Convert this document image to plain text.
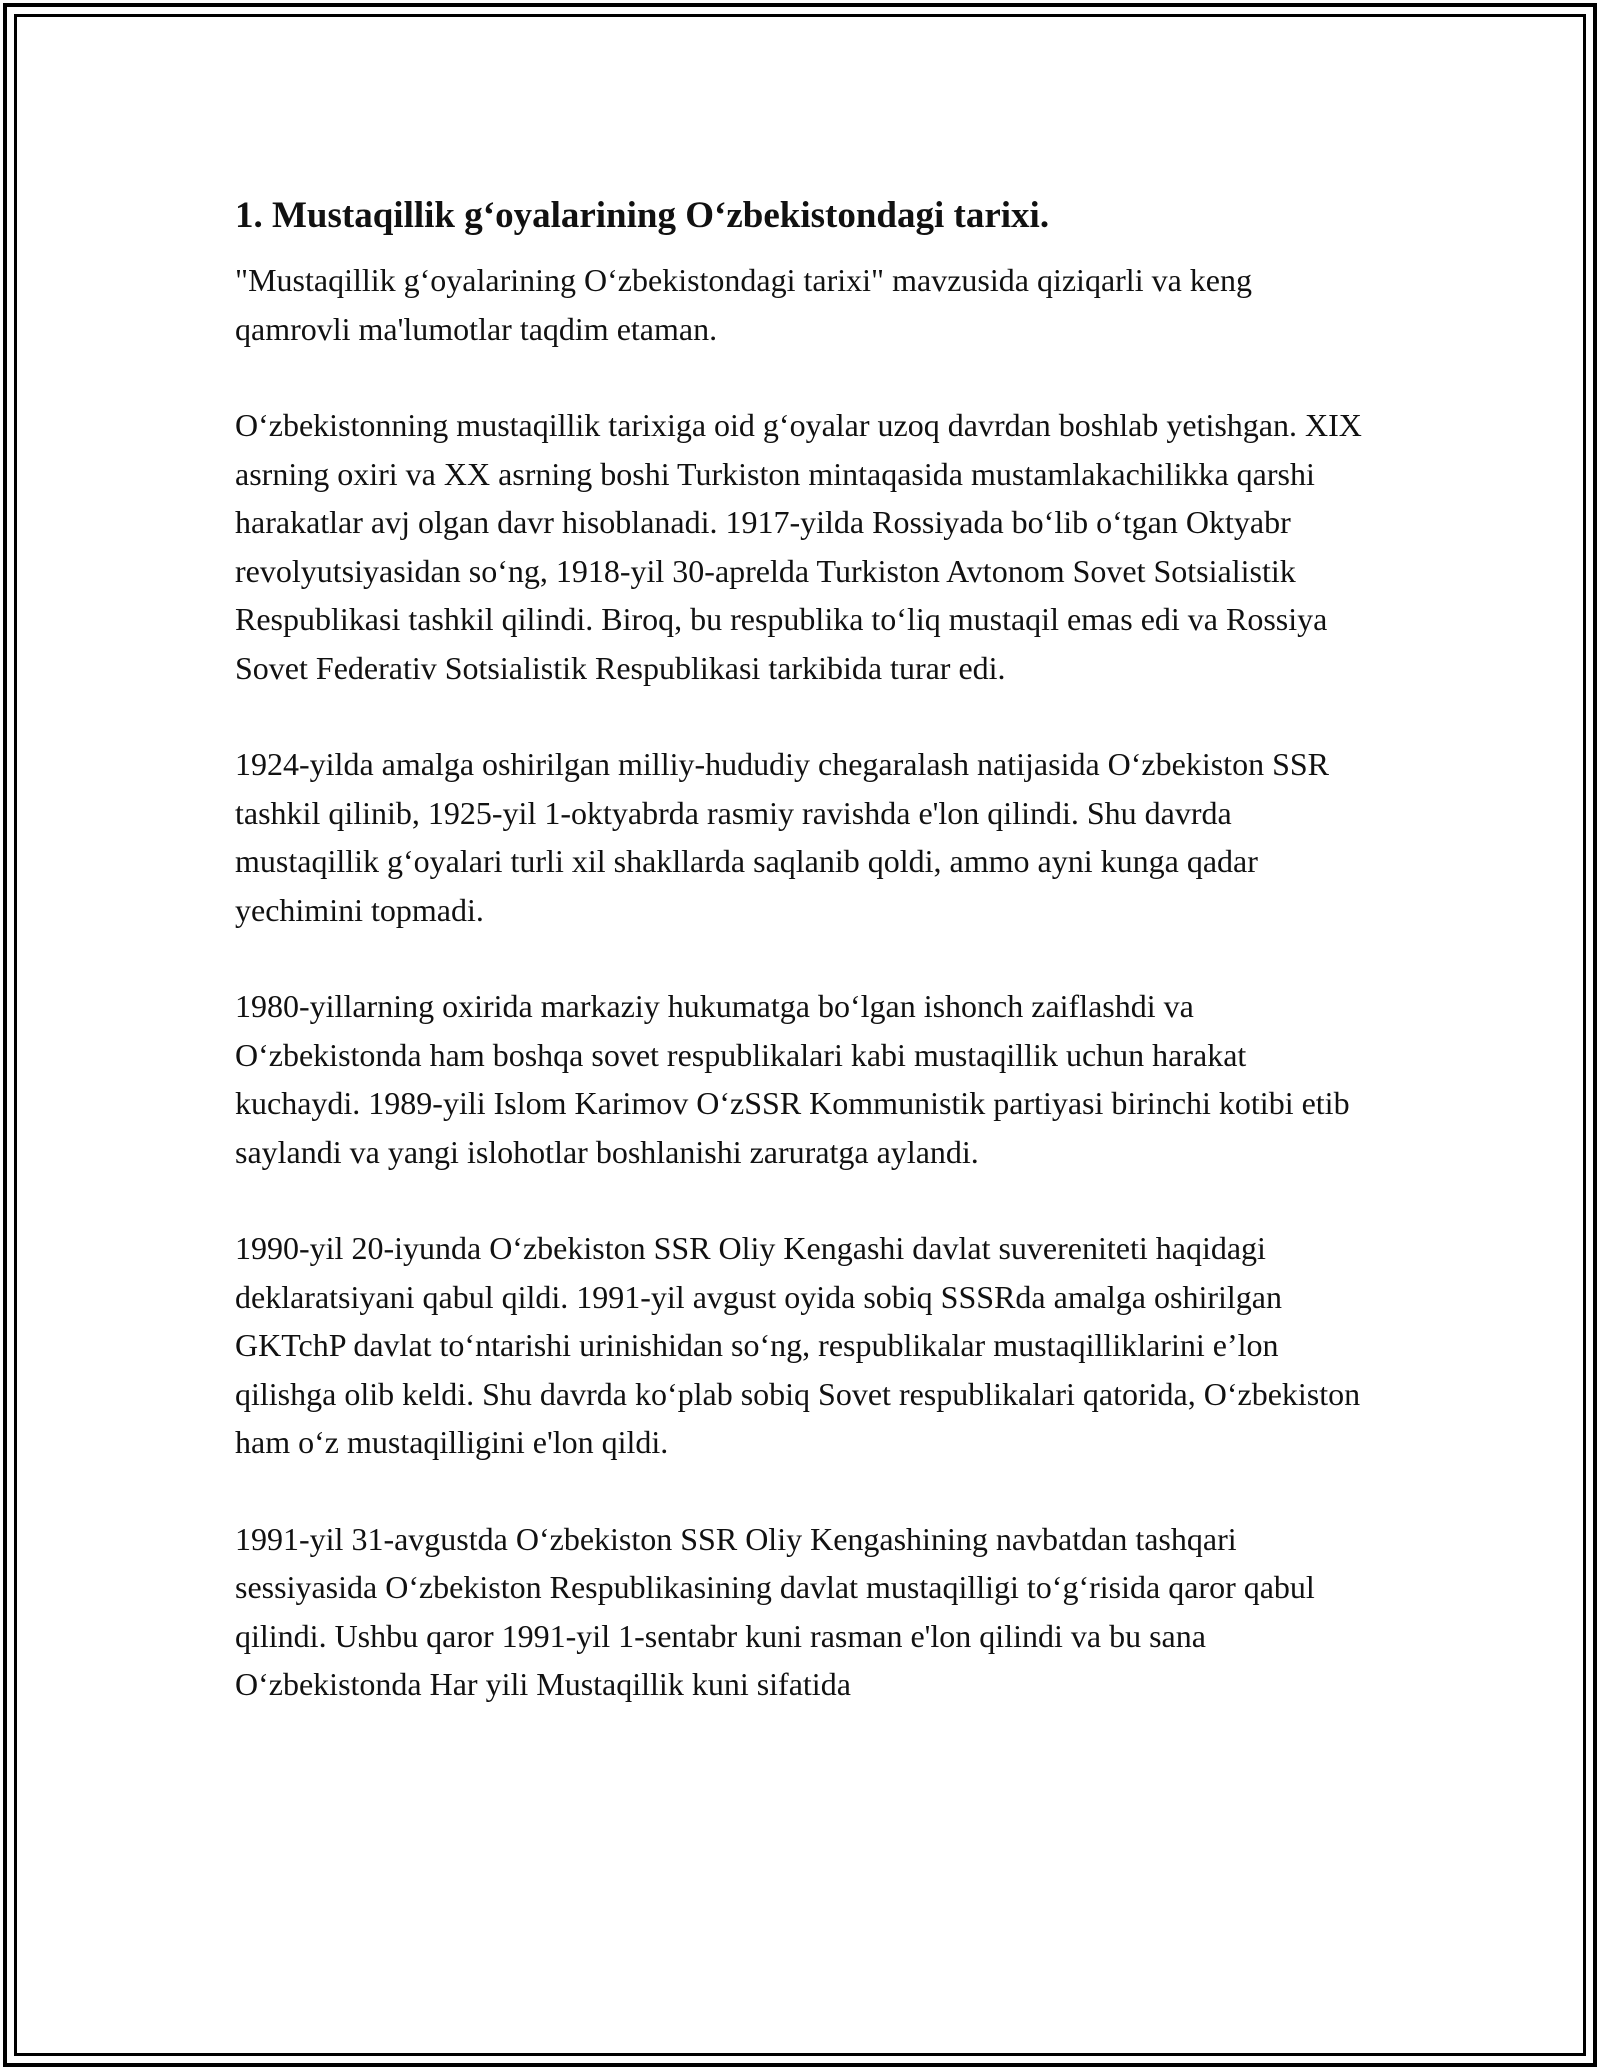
1. Mustaqillik g‘oyalarining O‘zbekistondagi tarixi.

"Mustaqillik g‘oyalarining O‘zbekistondagi tarixi" mavzusida qiziqarli va keng qamrovli ma'lumotlar taqdim etaman.

O‘zbekistonning mustaqillik tarixiga oid g‘oyalar uzoq davrdan boshlab yetishgan. XIX asrning oxiri va XX asrning boshi Turkiston mintaqasida mustamlakachilikka qarshi harakatlar avj olgan davr hisoblanadi. 1917-yilda Rossiyada bo‘lib o‘tgan Oktyabr revolyutsiyasidan so‘ng, 1918-yil 30-aprelda Turkiston Avtonom Sovet Sotsialistik Respublikasi tashkil qilindi. Biroq, bu respublika to‘liq mustaqil emas edi va Rossiya Sovet Federativ Sotsialistik Respublikasi tarkibida turar edi.

1924-yilda amalga oshirilgan milliy-hududiy chegaralash natijasida O‘zbekiston SSR tashkil qilinib, 1925-yil 1-oktyabrda rasmiy ravishda e'lon qilindi. Shu davrda mustaqillik g‘oyalari turli xil shakllarda saqlanib qoldi, ammo ayni kunga qadar yechimini topmadi.

1980-yillarning oxirida markaziy hukumatga bo‘lgan ishonch zaiflashdi va O‘zbekistonda ham boshqa sovet respublikalari kabi mustaqillik uchun harakat kuchaydi. 1989-yili Islom Karimov O‘zSSR Kommunistik partiyasi birinchi kotibi etib saylandi va yangi islohotlar boshlanishi zaruratga aylandi.

1990-yil 20-iyunda O‘zbekiston SSR Oliy Kengashi davlat suvereniteti haqidagi deklaratsiyani qabul qildi. 1991-yil avgust oyida sobiq SSSRda amalga oshirilgan GKTchP davlat to‘ntarishi urinishidan so‘ng, respublikalar mustaqilliklarini e’lon qilishga olib keldi. Shu davrda ko‘plab sobiq Sovet respublikalari qatorida, O‘zbekiston ham o‘z mustaqilligini e'lon qildi.

1991-yil 31-avgustda O‘zbekiston SSR Oliy Kengashining navbatdan tashqari sessiyasida O‘zbekiston Respublikasining davlat mustaqilligi to‘g‘risida qaror qabul qilindi. Ushbu qaror 1991-yil 1-sentabr kuni rasman e'lon qilindi va bu sana O‘zbekistonda Har yili Mustaqillik kuni sifatida
